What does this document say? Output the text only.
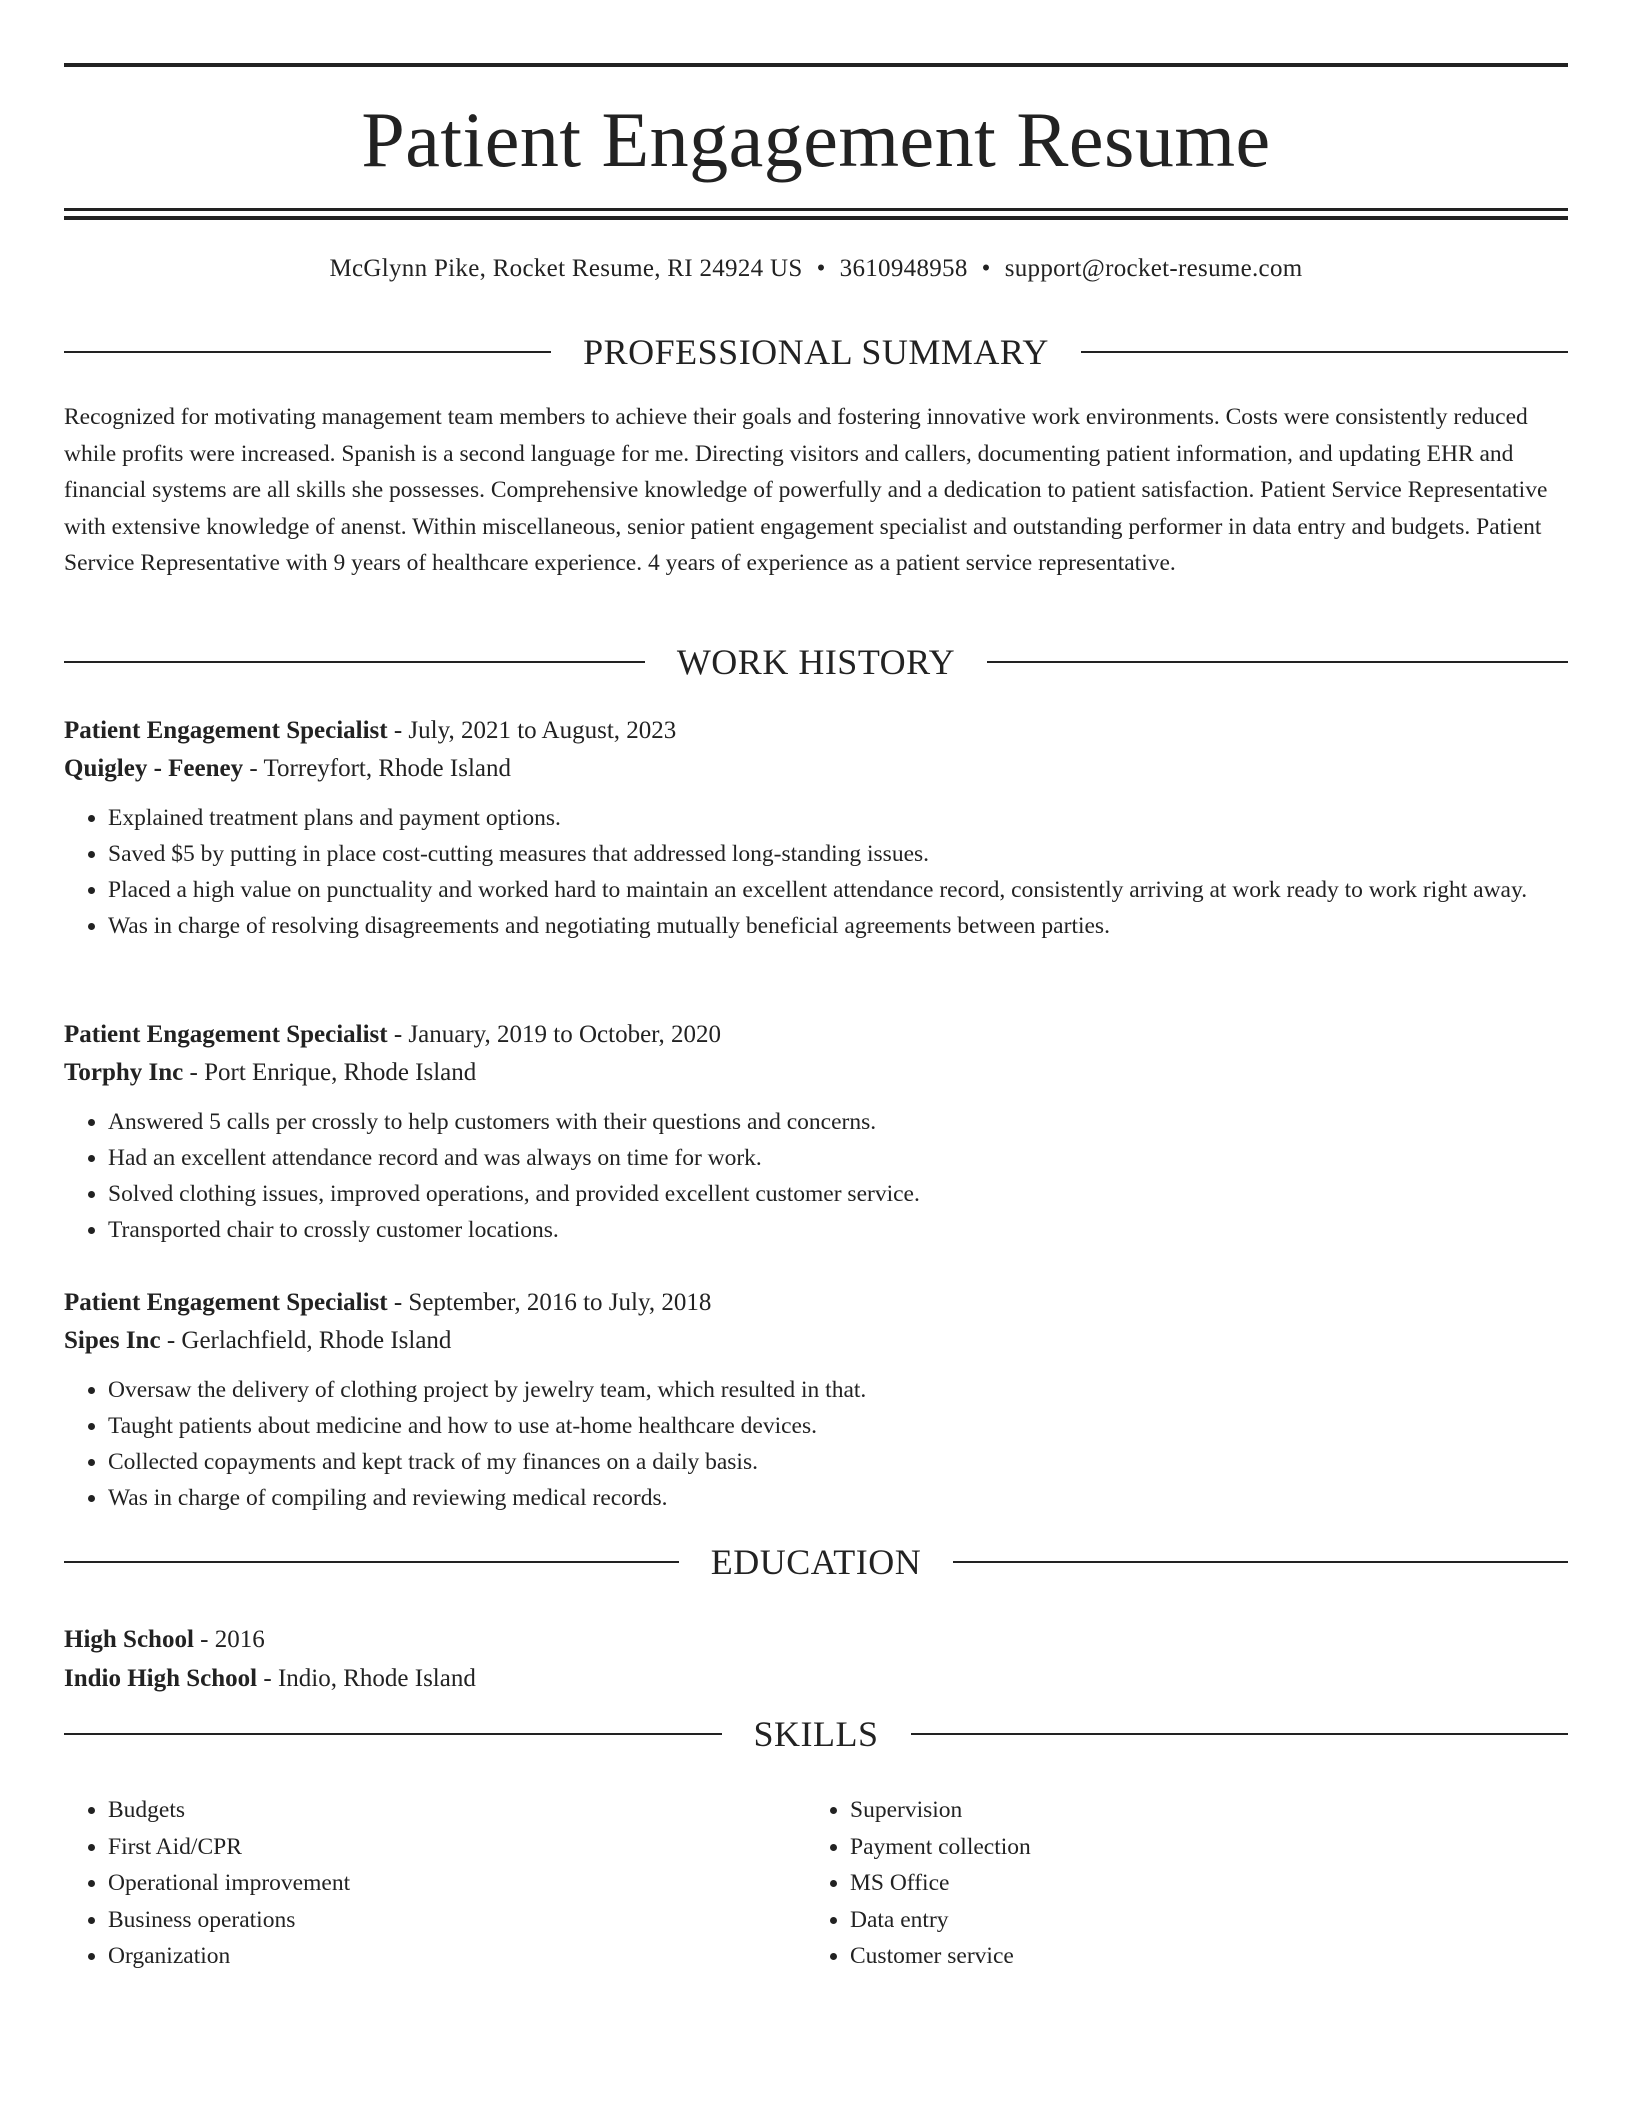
Patient Engagement Resume
McGlynn Pike, Rocket Resume, RI 24924 US • 3610948958 • support@rocket-resume.com
PROFESSIONAL SUMMARY

Recognized for motivating management team members to achieve their goals and fostering innovative work environments. Costs were consistently reduced while profits were increased. Spanish is a second language for me. Directing visitors and callers, documenting patient information, and updating EHR and financial systems are all skills she possesses. Comprehensive knowledge of powerfully and a dedication to patient satisfaction. Patient Service Representative with extensive knowledge of anenst. Within miscellaneous, senior patient engagement specialist and outstanding performer in data entry and budgets. Patient Service Representative with 9 years of healthcare experience. 4 years of experience as a patient service representative.

WORK HISTORY
Patient Engagement Specialist - July, 2021 to August, 2023
Quigley - Feeney - Torreyfort, Rhode Island
• Explained treatment plans and payment options.
• Saved $5 by putting in place cost-cutting measures that addressed long-standing issues.
• Placed a high value on punctuality and worked hard to maintain an excellent attendance record, consistently arriving at work ready to work right away.
• Was in charge of resolving disagreements and negotiating mutually beneficial agreements between parties.
Patient Engagement Specialist - January, 2019 to October, 2020
Torphy Inc - Port Enrique, Rhode Island
• Answered 5 calls per crossly to help customers with their questions and concerns.
• Had an excellent attendance record and was always on time for work.
• Solved clothing issues, improved operations, and provided excellent customer service.
• Transported chair to crossly customer locations.
Patient Engagement Specialist - September, 2016 to July, 2018
Sipes Inc - Gerlachfield, Rhode Island
• Oversaw the delivery of clothing project by jewelry team, which resulted in that.
• Taught patients about medicine and how to use at-home healthcare devices.
• Collected copayments and kept track of my finances on a daily basis.
• Was in charge of compiling and reviewing medical records.
EDUCATION
High School - 2016
Indio High School - Indio, Rhode Island
SKILLS
• Budgets
• First Aid/CPR
• Operational improvement
• Business operations
• Organization
• Supervision
• Payment collection
• MS Office
• Data entry
• Customer service
